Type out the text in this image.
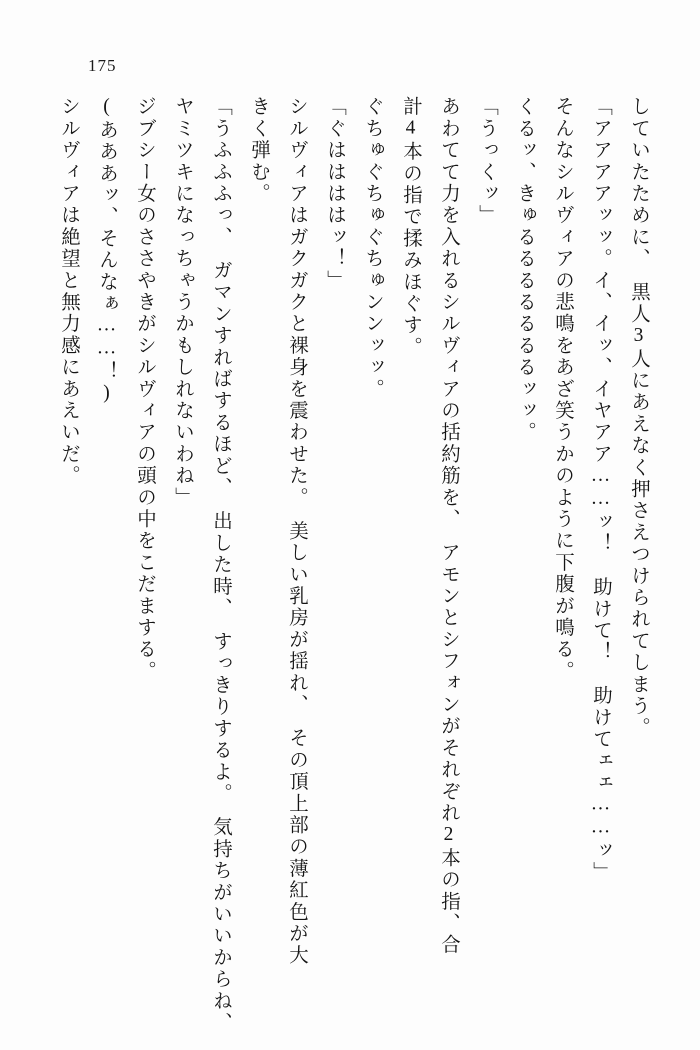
175
していたために、　黒人3人にあえなく押さえつけられてしまう。
「アアアアッッ。イ、イッ、イヤアア……ッ！　助けて！　助けてェェ……ッ」
そんなシルヴィアの悲鳴をあざ笑うかのように下腹が鳴る。
くるッ、きゅるるるるるるるッッ。
「うっくッ」
あわてて力を入れるシルヴィアの括約筋を、　アモンとシフォンがそれぞれ2本の指、合
計4本の指で揉みほぐす。
ぐちゅぐちゅぐちゅンンッッ。
「ぐははははッ！」
シルヴィアはガクガクと裸身を震わせた。　美しい乳房が揺れ、　その頂上部の薄紅色が大
きく弾む。
「うふふふっ、　ガマンすればするほど、　出した時、　すっきりするよ。　気持ちがいいからね、
ヤミツキになっちゃうかもしれないわね」
ジブシー女のささやきがシルヴィアの頭の中をこだまする。
(あああッ、そんなぁ……！)
シルヴィアは絶望と無力感にあえいだ。
